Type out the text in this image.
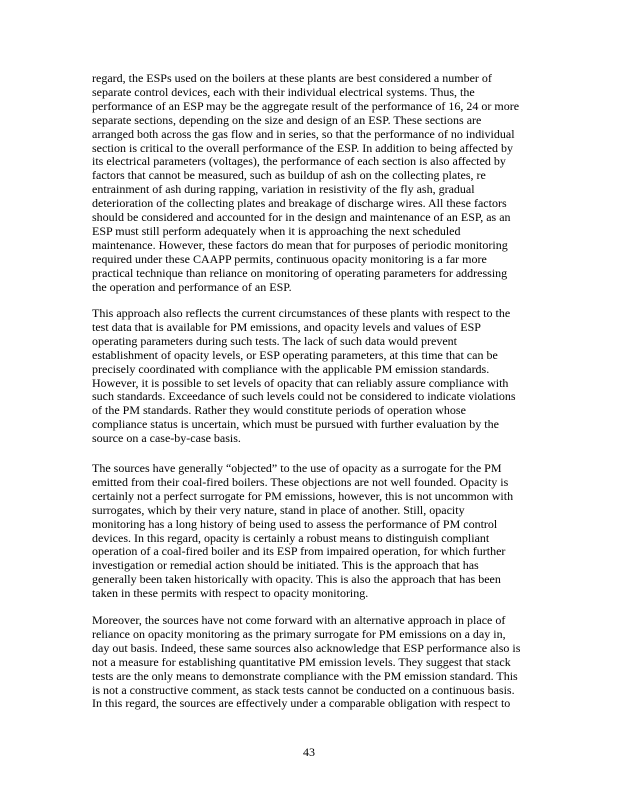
regard, the ESPs used on the boilers at these plants are best considered a number of
separate control devices, each with their individual electrical systems. Thus, the
performance of an ESP may be the aggregate result of the performance of 16, 24 or more
separate sections, depending on the size and design of an ESP. These sections are
arranged both across the gas flow and in series, so that the performance of no individual
section is critical to the overall performance of the ESP. In addition to being affected by
its electrical parameters (voltages), the performance of each section is also affected by
factors that cannot be measured, such as buildup of ash on the collecting plates, re
entrainment of ash during rapping, variation in resistivity of the fly ash, gradual
deterioration of the collecting plates and breakage of discharge wires. All these factors
should be considered and accounted for in the design and maintenance of an ESP, as an
ESP must still perform adequately when it is approaching the next scheduled
maintenance. However, these factors do mean that for purposes of periodic monitoring
required under these CAAPP permits, continuous opacity monitoring is a far more
practical technique than reliance on monitoring of operating parameters for addressing
the operation and performance of an ESP.
This approach also reflects the current circumstances of these plants with respect to the
test data that is available for PM emissions, and opacity levels and values of ESP
operating parameters during such tests. The lack of such data would prevent
establishment of opacity levels, or ESP operating parameters, at this time that can be
precisely coordinated with compliance with the applicable PM emission standards.
However, it is possible to set levels of opacity that can reliably assure compliance with
such standards. Exceedance of such levels could not be considered to indicate violations
of the PM standards. Rather they would constitute periods of operation whose
compliance status is uncertain, which must be pursued with further evaluation by the
source on a case-by-case basis.
The sources have generally “objected” to the use of opacity as a surrogate for the PM
emitted from their coal-fired boilers. These objections are not well founded. Opacity is
certainly not a perfect surrogate for PM emissions, however, this is not uncommon with
surrogates, which by their very nature, stand in place of another. Still, opacity
monitoring has a long history of being used to assess the performance of PM control
devices. In this regard, opacity is certainly a robust means to distinguish compliant
operation of a coal-fired boiler and its ESP from impaired operation, for which further
investigation or remedial action should be initiated. This is the approach that has
generally been taken historically with opacity. This is also the approach that has been
taken in these permits with respect to opacity monitoring.
Moreover, the sources have not come forward with an alternative approach in place of
reliance on opacity monitoring as the primary surrogate for PM emissions on a day in,
day out basis. Indeed, these same sources also acknowledge that ESP performance also is
not a measure for establishing quantitative PM emission levels. They suggest that stack
tests are the only means to demonstrate compliance with the PM emission standard. This
is not a constructive comment, as stack tests cannot be conducted on a continuous basis.
In this regard, the sources are effectively under a comparable obligation with respect to
43
